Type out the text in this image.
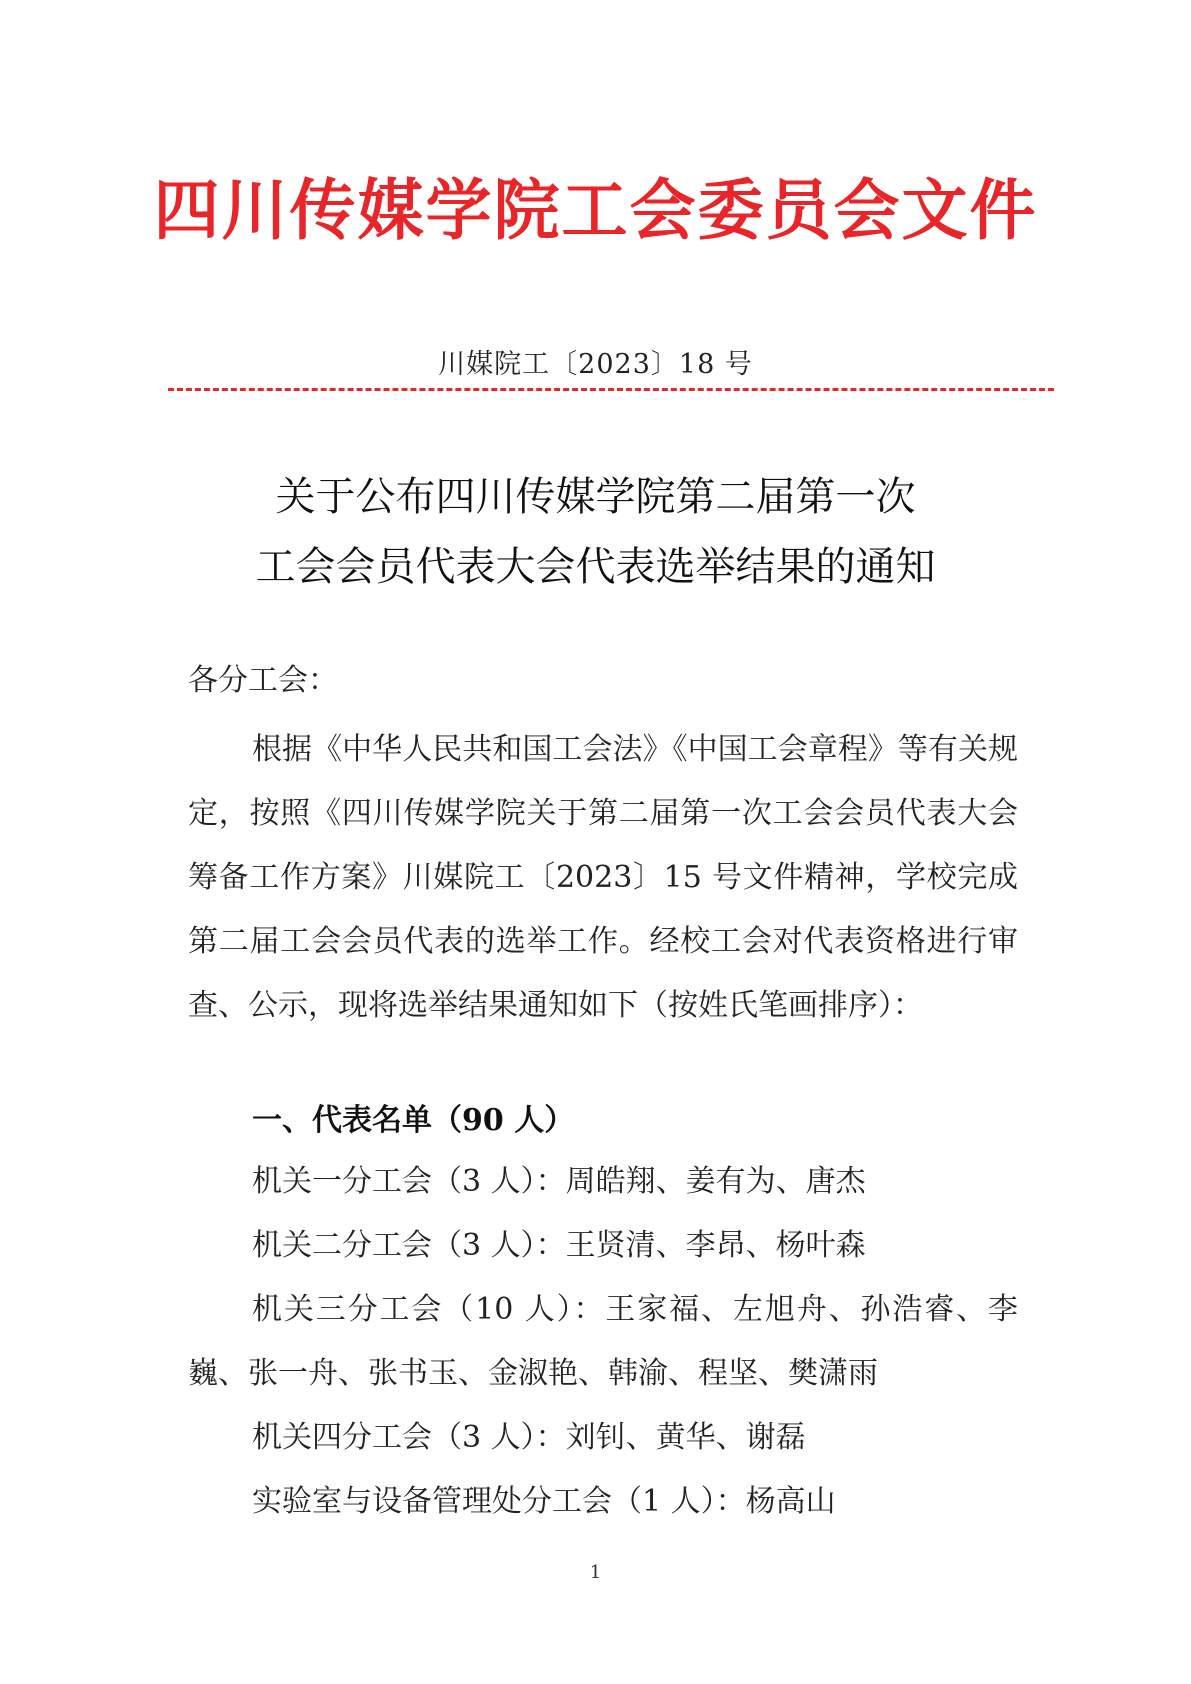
四川传媒学院工会委员会文件
川媒院工〔2023〕18 号
关于公布四川传媒学院第二届第一次
工会会员代表大会代表选举结果的通知
各分工会：
根据《中华人民共和国工会法》《中国工会章程》等有关规定，按照《四川传媒学院关于第二届第一次工会会员代表大会筹备工作方案》川媒院工〔2023〕15 号文件精神，学校完成第二届工会会员代表的选举工作。经校工会对代表资格进行审查、公示，现将选举结果通知如下（按姓氏笔画排序）：
一、代表名单（90 人）
机关一分工会（3 人）：周皓翔、姜有为、唐杰
机关二分工会（3 人）：王贤清、李昂、杨叶森
机关三分工会（10 人）：王家福、左旭舟、孙浩睿、李巍、张一舟、张书玉、金淑艳、韩渝、程坚、樊潇雨
机关四分工会（3 人）：刘钊、黄华、谢磊
实验室与设备管理处分工会（1 人）：杨高山
1
